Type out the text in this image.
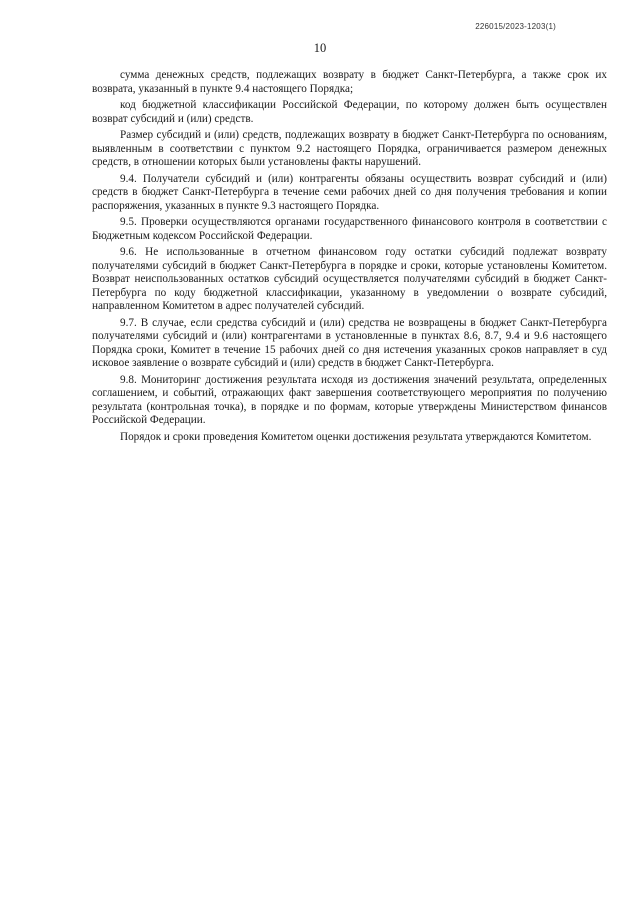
226015/2023-1203(1)
10

сумма денежных средств, подлежащих возврату в бюджет Санкт-Петербурга, а также срок их возврата, указанный в пункте 9.4 настоящего Порядка;

код бюджетной классификации Российской Федерации, по которому должен быть осуществлен возврат субсидий и (или) средств.

Размер субсидий и (или) средств, подлежащих возврату в бюджет Санкт-Петербурга по основаниям, выявленным в соответствии с пунктом 9.2 настоящего Порядка, ограничивается размером денежных средств, в отношении которых были установлены факты нарушений.

9.4. Получатели субсидий и (или) контрагенты обязаны осуществить возврат субсидий и (или) средств в бюджет Санкт-Петербурга в течение семи рабочих дней со дня получения требования и копии распоряжения, указанных в пункте 9.3 настоящего Порядка.

9.5. Проверки осуществляются органами государственного финансового контроля в соответствии с Бюджетным кодексом Российской Федерации.

9.6. Не использованные в отчетном финансовом году остатки субсидий подлежат возврату получателями субсидий в бюджет Санкт-Петербурга в порядке и сроки, которые установлены Комитетом. Возврат неиспользованных остатков субсидий осуществляется получателями субсидий в бюджет Санкт-Петербурга по коду бюджетной классификации, указанному в уведомлении о возврате субсидий, направленном Комитетом в адрес получателей субсидий.

9.7. В случае, если средства субсидий и (или) средства не возвращены в бюджет Санкт-Петербурга получателями субсидий и (или) контрагентами в установленные в пунктах 8.6, 8.7, 9.4 и 9.6 настоящего Порядка сроки, Комитет в течение 15 рабочих дней со дня истечения указанных сроков направляет в суд исковое заявление о возврате субсидий и (или) средств в бюджет Санкт-Петербурга.

9.8. Мониторинг достижения результата исходя из достижения значений результата, определенных соглашением, и событий, отражающих факт завершения соответствующего мероприятия по получению результата (контрольная точка), в порядке и по формам, которые утверждены Министерством финансов Российской Федерации.

Порядок и сроки проведения Комитетом оценки достижения результата утверждаются Комитетом.
